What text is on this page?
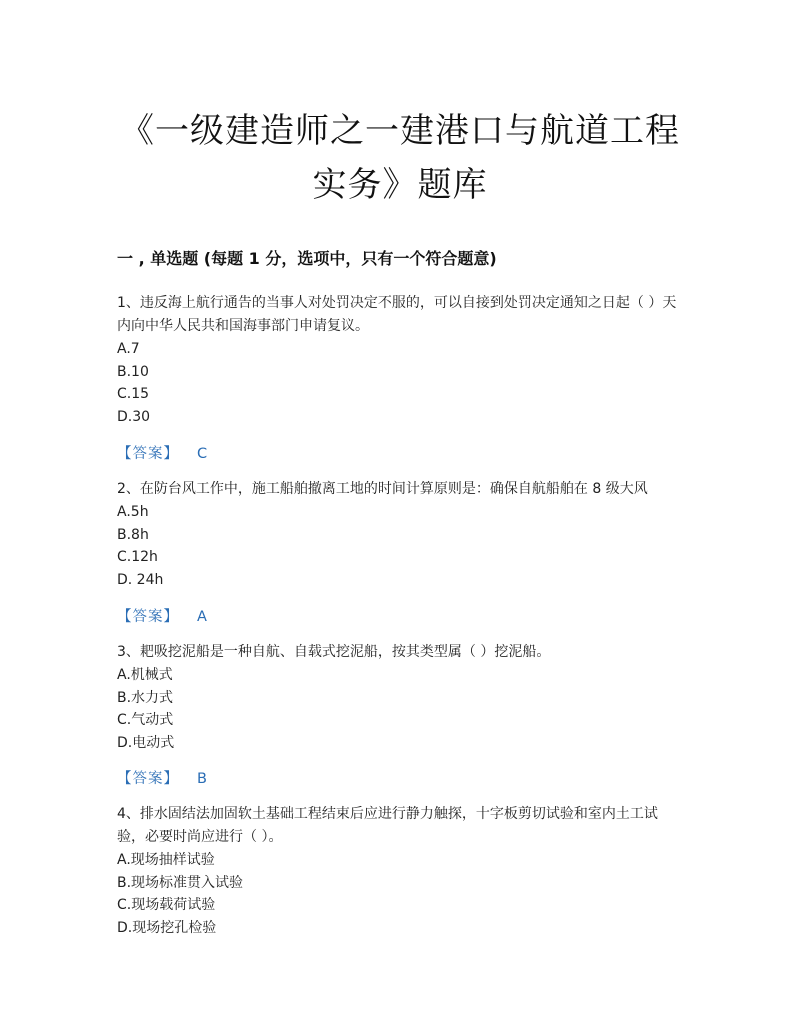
《一级建造师之一建港口与航道工程
实务》题库
一 , 单选题 (每题 1 分，选项中，只有一个符合题意)
1、违反海上航行通告的当事人对处罚决定不服的，可以自接到处罚决定通知之日起（ ）天内向中华人民共和国海事部门申请复议。
A.7
B.10
C.15
D.30
【答案】 C
2、在防台风工作中，施工船舶撤离工地的时间计算原则是：确保自航船舶在 8 级大风
A.5h
B.8h
C.12h
D. 24h
【答案】 A
3、耙吸挖泥船是一种自航、自载式挖泥船，按其类型属（ ）挖泥船。
A.机械式
B.水力式
C.气动式
D.电动式
【答案】 B
4、排水固结法加固软土基础工程结束后应进行静力触探，十字板剪切试验和室内土工试验，必要时尚应进行（ ）。
A.现场抽样试验
B.现场标准贯入试验
C.现场载荷试验
D.现场挖孔检验
